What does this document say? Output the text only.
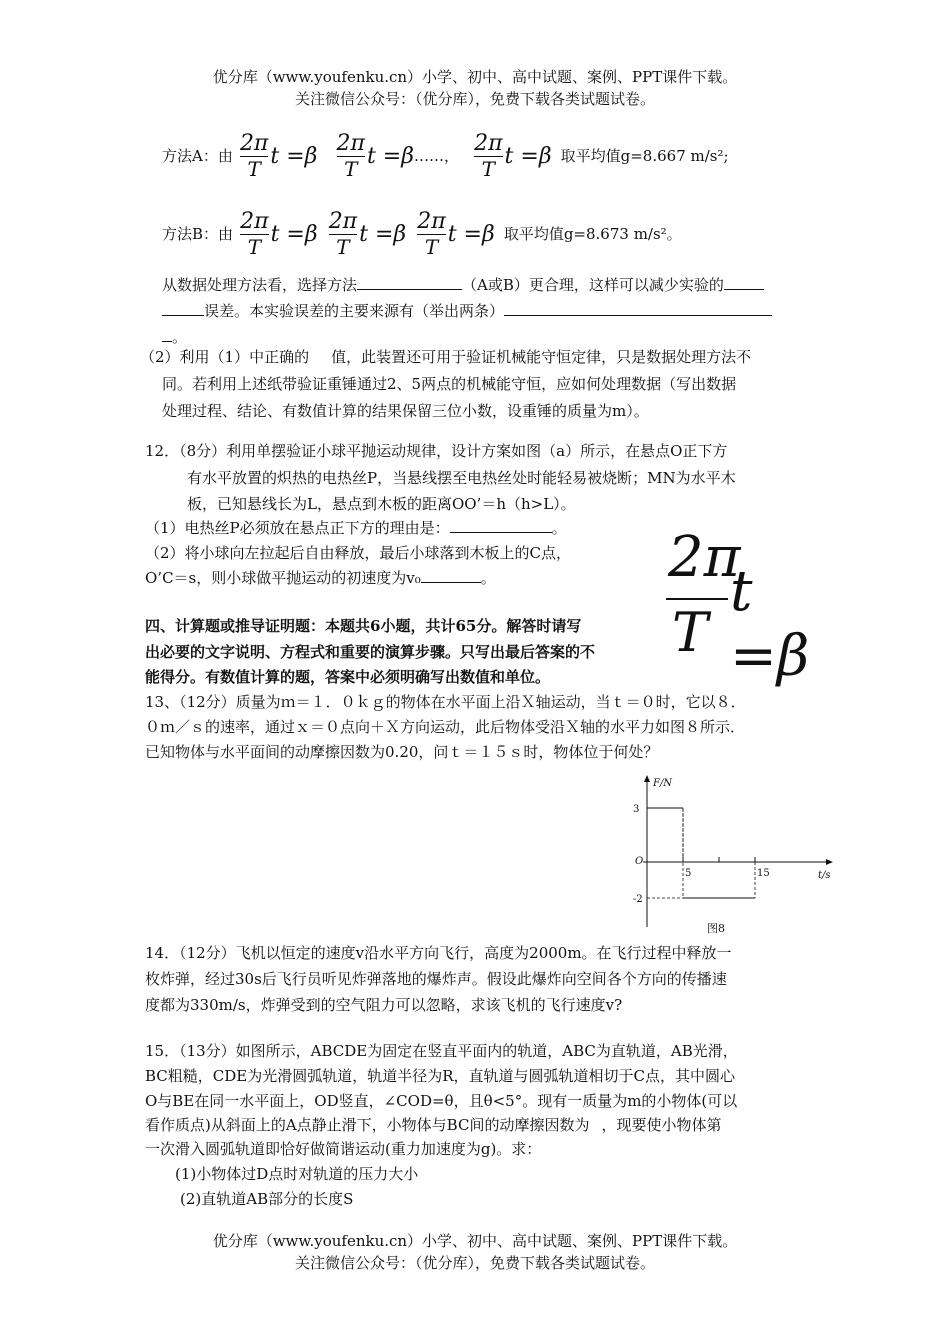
优分库（www.youfenku.cn）小学、初中、高中试题、案例、PPT课件下载。
关注微信公众号：（优分库），免费下载各类试题试卷。
方法A：由 $\frac{2\pi}{T}$ $t =\beta \frac{2\pi}{T}$ t =β……， $\frac{2\pi}{T}$ t =β 取平均值g=8.667 m/s²;
方法B：由 $\frac{2\pi}{T}$ $t =\beta \frac{2\pi}{T}$ $t =\beta \frac{2\pi}{T}$ t =β 取平均值g=8.673 m/s²。
从数据处理方法看，选择方法	（A或B）更合理，这样可以减少实验的
误差。本实验误差的主要来源有（举出两条）
。
（2）利用（1）中正确的 值，此装置还可用于验证机械能守恒定律，只是数据处理方法不
同。若利用上述纸带验证重锤通过2、5两点的机械能守恒，应如何处理数据（写出数据
处理过程、结论、有数值计算的结果保留三位小数，设重锤的质量为m）。
12．（8分）利用单摆验证小球平抛运动规律，设计方案如图（a）所示，在悬点O正下方
有水平放置的炽热的电热丝P，当悬线摆至电热丝处时能轻易被烧断；MN为水平木
板，已知悬线长为L，悬点到木板的距离OO’＝h（h>L）。
（1）电热丝P必须放在悬点正下方的理由是：	。
（2）将小球向左拉起后自由释放，最后小球落到木板上的C点，
O’C＝s，则小球做平抛运动的初速度为v₀	。	2π
T
t =β
四、计算题或推导证明题：本题共6小题，共计65分。解答时请写
出必要的文字说明、方程式和重要的演算步骤。只写出最后答案的不
能得分。有数值计算的题，答案中必须明确写出数值和单位。
13、（12分）质量为ｍ＝１．０ｋｇ的物体在水平面上沿Ｘ轴运动，当ｔ＝０时，它以８．
０ｍ／ｓ的速率，通过ｘ＝０点向＋Ｘ方向运动，此后物体受沿Ｘ轴的水平力如图８所示．
已知物体与水平面间的动摩擦因数为0.20，问ｔ＝１５ｓ时，物体位于何处？
F/N
t/s
O
3
-2
5	15
图8
14．（12分）飞机以恒定的速度v沿水平方向飞行，高度为2000m。在飞行过程中释放一
枚炸弹，经过30s后飞行员听见炸弹落地的爆炸声。假设此爆炸向空间各个方向的传播速
度都为330m/s，炸弹受到的空气阻力可以忽略，求该飞机的飞行速度v?
15．（13分）如图所示，ABCDE为固定在竖直平面内的轨道，ABC为直轨道，AB光滑，
BC粗糙，CDE为光滑圆弧轨道，轨道半径为R，直轨道与圆弧轨道相切于C点，其中圆心
O与BE在同一水平面上，OD竖直，∠COD=θ，且θ<5°。现有一质量为m的小物体(可以
看作质点)从斜面上的A点静止滑下，小物体与BC间的动摩擦因数为 ，现要使小物体第
一次滑入圆弧轨道即恰好做简谐运动(重力加速度为g)。求：
(1)小物体过D点时对轨道的压力大小
(2)直轨道AB部分的长度S
优分库（www.youfenku.cn）小学、初中、高中试题、案例、PPT课件下载。
关注微信公众号：（优分库），免费下载各类试题试卷。
